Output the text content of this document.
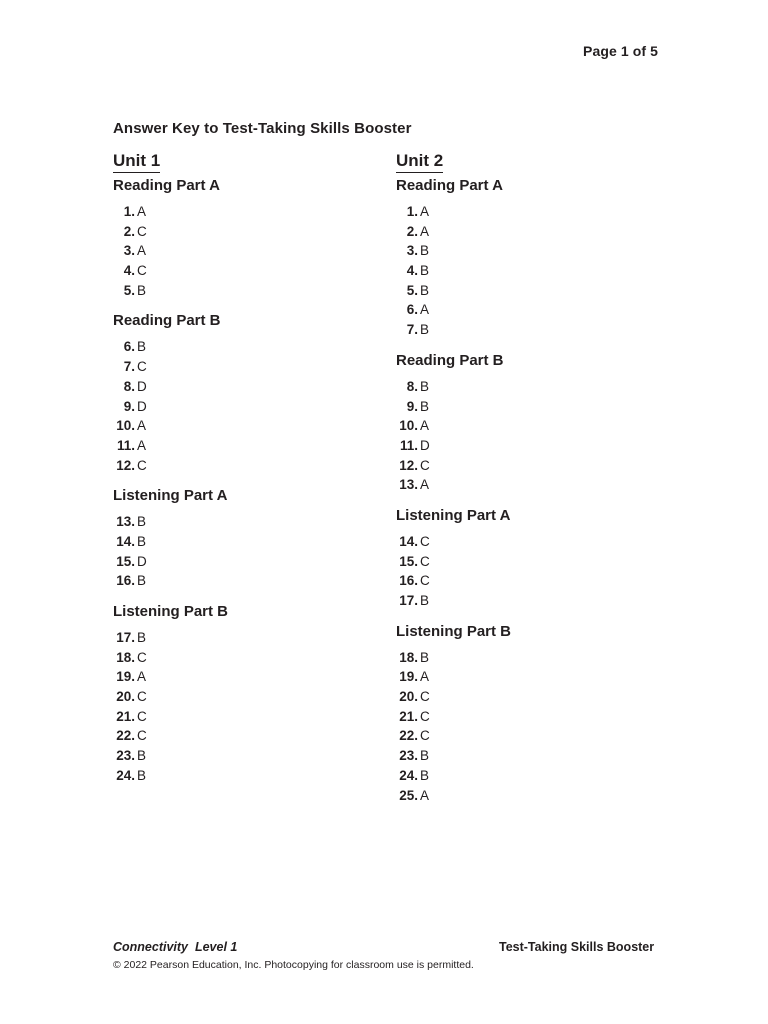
Page 1 of 5
Answer Key to Test-Taking Skills Booster
Unit 1
Reading Part A
1. A
2. C
3. A
4. C
5. B
Reading Part B
6. B
7. C
8. D
9. D
10. A
11. A
12. C
Listening Part A
13. B
14. B
15. D
16. B
Listening Part B
17. B
18. C
19. A
20. C
21. C
22. C
23. B
24. B
Unit 2
Reading Part A
1. A
2. A
3. B
4. B
5. B
6. A
7. B
Reading Part B
8. B
9. B
10. A
11. D
12. C
13. A
Listening Part A
14. C
15. C
16. C
17. B
Listening Part B
18. B
19. A
20. C
21. C
22. C
23. B
24. B
25. A
Connectivity  Level 1	Test-Taking Skills Booster
© 2022 Pearson Education, Inc. Photocopying for classroom use is permitted.
